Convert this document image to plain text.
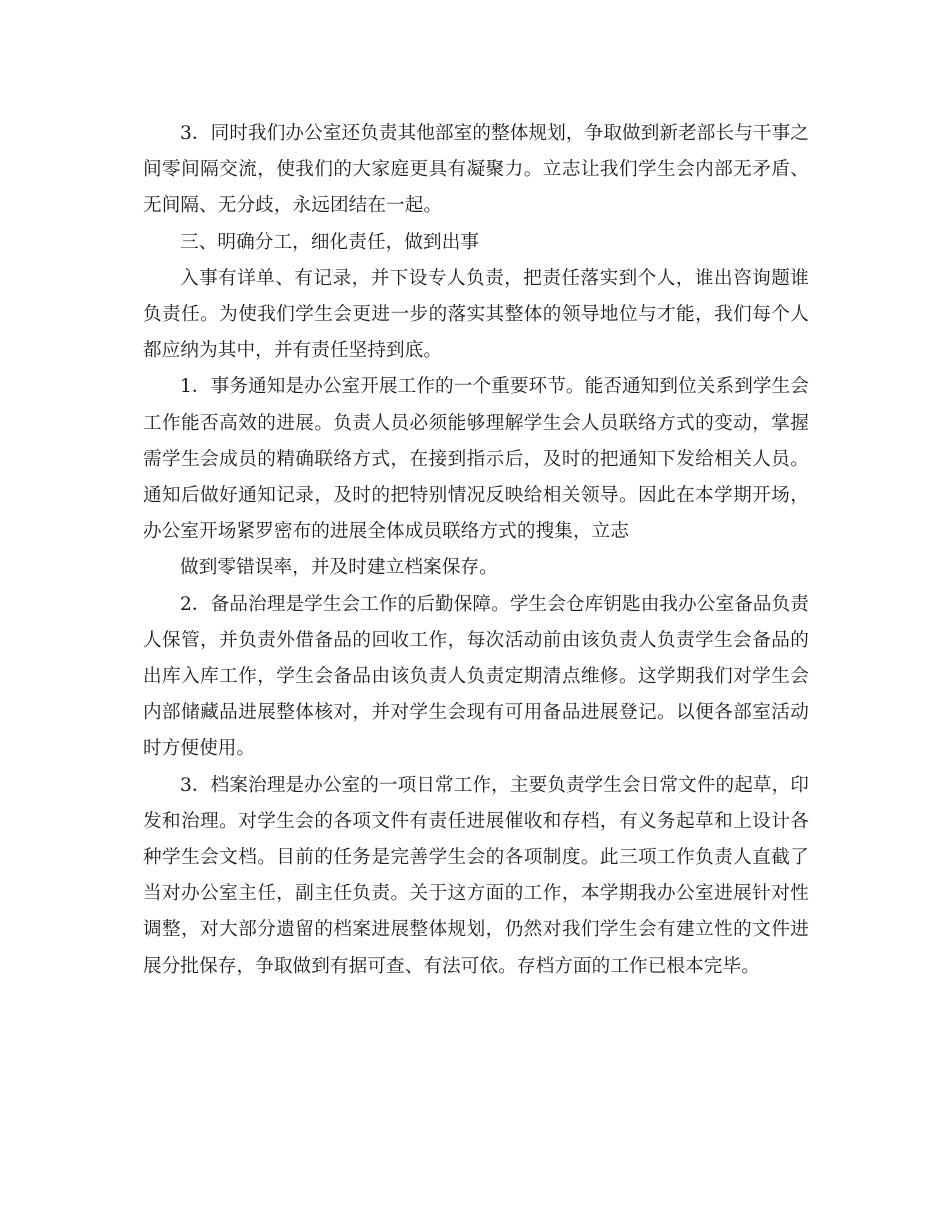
3．同时我们办公室还负责其他部室的整体规划，争取做到新老部长与干事之间零间隔交流，使我们的大家庭更具有凝聚力。立志让我们学生会内部无矛盾、无间隔、无分歧，永远团结在一起。

三、明确分工，细化责任，做到出事

入事有详单、有记录，并下设专人负责，把责任落实到个人，谁出咨询题谁负责任。为使我们学生会更进一步的落实其整体的领导地位与才能，我们每个人都应纳为其中，并有责任坚持到底。

1．事务通知是办公室开展工作的一个重要环节。能否通知到位关系到学生会工作能否高效的进展。负责人员必须能够理解学生会人员联络方式的变动，掌握需学生会成员的精确联络方式，在接到指示后，及时的把通知下发给相关人员。通知后做好通知记录，及时的把特别情况反映给相关领导。因此在本学期开场，办公室开场紧罗密布的进展全体成员联络方式的搜集，立志

做到零错误率，并及时建立档案保存。

2．备品治理是学生会工作的后勤保障。学生会仓库钥匙由我办公室备品负责人保管，并负责外借备品的回收工作，每次活动前由该负责人负责学生会备品的出库入库工作，学生会备品由该负责人负责定期清点维修。这学期我们对学生会内部储藏品进展整体核对，并对学生会现有可用备品进展登记。以便各部室活动时方便使用。

3．档案治理是办公室的一项日常工作，主要负责学生会日常文件的起草，印发和治理。对学生会的各项文件有责任进展催收和存档，有义务起草和上设计各种学生会文档。目前的任务是完善学生会的各项制度。此三项工作负责人直截了当对办公室主任，副主任负责。关于这方面的工作，本学期我办公室进展针对性调整，对大部分遗留的档案进展整体规划，仍然对我们学生会有建立性的文件进展分批保存，争取做到有据可查、有法可依。存档方面的工作已根本完毕。
